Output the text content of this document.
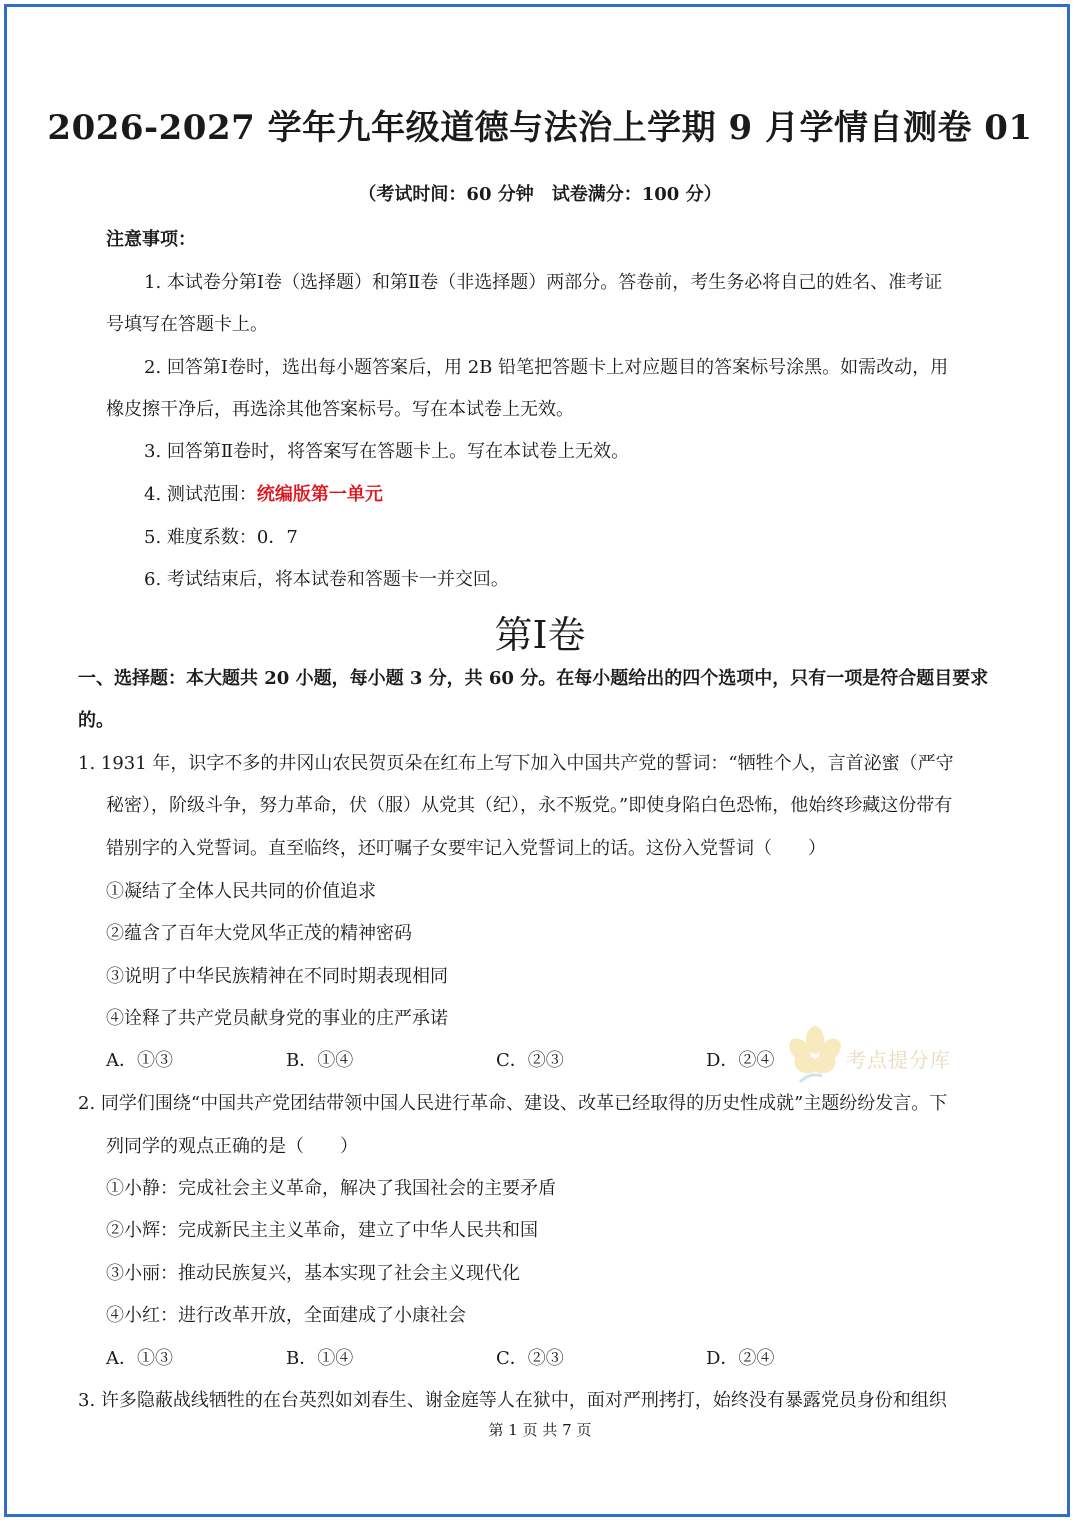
2026-2027 学年九年级道德与法治上学期 9 月学情自测卷 01
（考试时间：60 分钟　试卷满分：100 分）
注意事项：
1. 本试卷分第Ⅰ卷（选择题）和第Ⅱ卷（非选择题）两部分。答卷前，考生务必将自己的姓名、准考证
号填写在答题卡上。
2. 回答第Ⅰ卷时，选出每小题答案后，用 2B 铅笔把答题卡上对应题目的答案标号涂黑。如需改动，用
橡皮擦干净后，再选涂其他答案标号。写在本试卷上无效。
3. 回答第Ⅱ卷时，将答案写在答题卡上。写在本试卷上无效。
4. 测试范围：统编版第一单元
5. 难度系数：0．7
6. 考试结束后，将本试卷和答题卡一并交回。
第Ⅰ卷
一、选择题：本大题共 20 小题，每小题 3 分，共 60 分。在每小题给出的四个选项中，只有一项是符合题目要求
的。
1. 1931 年，识字不多的井冈山农民贺页朵在红布上写下加入中国共产党的誓词：“牺牲个人，言首泌蜜（严守
秘密），阶级斗争，努力革命，伏（服）从党其（纪），永不叛党。”即使身陷白色恐怖，他始终珍藏这份带有
错别字的入党誓词。直至临终，还叮嘱子女要牢记入党誓词上的话。这份入党誓词（　　）
①凝结了全体人民共同的价值追求
②蕴含了百年大党风华正茂的精神密码
③说明了中华民族精神在不同时期表现相同
④诠释了共产党员献身党的事业的庄严承诺
A．①③	B．①④	C．②③	D．②④	考点提分库
2. 同学们围绕“中国共产党团结带领中国人民进行革命、建设、改革已经取得的历史性成就”主题纷纷发言。下
列同学的观点正确的是（　　）
①小静：完成社会主义革命，解决了我国社会的主要矛盾
②小辉：完成新民主主义革命，建立了中华人民共和国
③小丽：推动民族复兴，基本实现了社会主义现代化
④小红：进行改革开放，全面建成了小康社会
A．①③	B．①④	C．②③	D．②④
3. 许多隐蔽战线牺牲的在台英烈如刘春生、谢金庭等人在狱中，面对严刑拷打，始终没有暴露党员身份和组织
第 1 页 共 7 页
